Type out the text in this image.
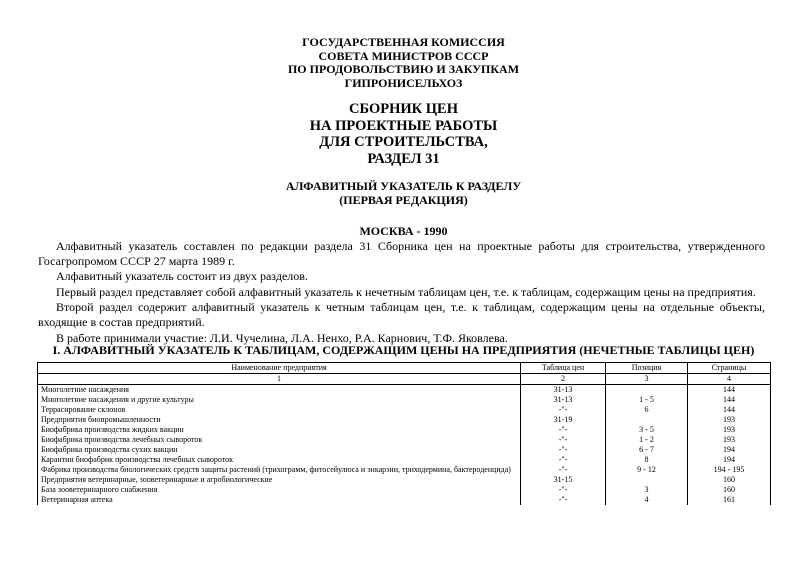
ГОСУДАРСТВЕННАЯ КОМИССИЯ

СОВЕТА МИНИСТРОВ СССР

ПО ПРОДОВОЛЬСТВИЮ И ЗАКУПКАМ

ГИПРОНИСЕЛЬХОЗ

СБОРНИК ЦЕН

НА ПРОЕКТНЫЕ РАБОТЫ

ДЛЯ СТРОИТЕЛЬСТВА,

РАЗДЕЛ 31

АЛФАВИТНЫЙ УКАЗАТЕЛЬ К РАЗДЕЛУ

(ПЕРВАЯ РЕДАКЦИЯ)

МОСКВА - 1990

Алфавитный указатель составлен по редакции раздела 31 Сборника цен на проектные работы для строительства, утвержденного Госагропромом СССР 27 марта 1989 г.

Алфавитный указатель состоит из двух разделов.

Первый раздел представляет собой алфавитный указатель к нечетным таблицам цен, т.е. к таблицам, содержащим цены на предприятия.

Второй раздел содержит алфавитный указатель к четным таблицам цен, т.е. к таблицам, содержащим цены на отдельные объекты, входящие в состав предприятий.

В работе принимали участие: Л.И. Чучелина, Л.А. Ненхо, Р.А. Карнович, Т.Ф. Яковлева.

I. АЛФАВИТНЫЙ УКАЗАТЕЛЬ К ТАБЛИЦАМ, СОДЕРЖАЩИМ ЦЕНЫ НА ПРЕДПРИЯТИЯ (НЕЧЕТНЫЕ ТАБЛИЦЫ ЦЕН)
Наименование предприятия	Таблица цен	Позиция	Страницы
1	2	3	4
Многолетние насаждения	31-13		144
Многолетние насаждения и другие культуры	31-13	1 - 5	144
Террасирование склонов	-"-	6	144
Предприятия биопромышленности	31-19		193
Биофабрика производства жидких вакцин	-"-	3 - 5	193
Биофабрика производства лечебных сывороток	-"-	1 - 2	193
Биофабрика производства сухих вакцин	-"-	6 - 7	194
Карантин биофабрик производства лечебных сывороток	-"-	8	194
Фабрика производства биологических средств защиты растений (трихограмм, фитосейулюса и энкарзии, триходермина, бактероденцида)	-"-	9 - 12	194 - 195
Предприятия ветеринарные, зооветеринарные и агробиологические	31-15		160
База зооветеринарного снабжения	-"-	3	160
Ветеринарная аптека	-"-	4	161
